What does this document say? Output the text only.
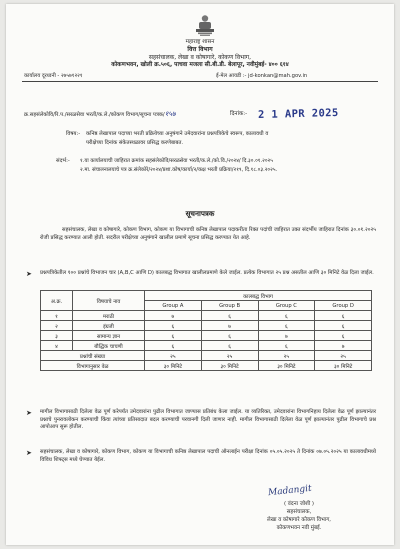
महाराष्ट्र शासन
वित्त विभाग
सहसंचालक, लेखा व कोषागारे, कोकण विभाग,
कोकणभवन, खोली क्र.५०६, पाचवा मजला सी.बी.डी. बेलापूर, नवीमुंबई- ४०० ६१४
कार्यालय दूरध्वनी - २७५७१२२१	ई-मेल आयडी :- jd-konkan@mah.gov.in
क्र.सहसंलेकोवि/रि.प./सरळसेवा भरती/क.ले./कोकण विभाग/सूचना पत्रक/१५७	दिनांक:- 2 1 APR 2025
विषय:- कनिष्ठ लेखापाल पदाच्या भरती प्रक्रियेच्या अनुषंगाने उमेदवारांना प्रश्नपत्रिकेचे स्वरूप, कालावधी व
परीक्षेच्या दिनांक संकेतस्थळावर प्रसिद्ध करणेबाबत.
संदर्भ:- १.या कार्यालयाची जाहिरात क्रमांक सहसंलेकोवि/सरळसेवा भरती/क.ले./को.वि./२०२४/ दि.३०.०१.२०२५
२.मा. संचालनालयाचे पत्र क्र.संलेकोरे/२०२४/प्रशा.कोष/कार्या/२/कक्ष भरती प्रक्रिया/२१९, दि.१८.०३.२०२५.
सूचनापत्रक
सहसंचालक, लेखा व कोषागारे, कोकण विभाग, कोकण या विभागाची कनिष्ठ लेखापाल पदाकरीता रिक्त पदांची जाहिरात उक्त संदर्भीय जाहिरात दिनांक ३०.०१.२०२५ रोजी प्रसिद्ध करण्यात आली होती. सदरील परीक्षेच्या अनुषंगाने खालील प्रमाणे सूचना प्रसिद्ध करण्यात येत आहे.
➤ प्रश्नपत्रिकेतील १०० प्रश्नांचे विभाजन चार (A,B,C आणि D) कालबद्ध विभागात खालीलप्रमाणे केले जाईल. प्रत्येक विभागात २५ प्रश्न असतील आणि ३० मिनिटे वेळ दिला जाईल.
अ.क्र.	विषयाचे नाव	कालबद्ध विभाग			
		Group A	Group B	Group C	Group D
१	मराठी	७	६	६	६
२	इंग्रजी	६	७	६	६
३	सामान्य ज्ञान	६	६	७	६
४	बौद्धिक चाचणी	६	६	६	७
प्रश्नांची संख्या		२५	२५	२५	२५
विभागानुसार वेळ		३० मिनिटे	३० मिनिटे	३० मिनिटे	३० मिनिटे
➤ मागील विभागासाठी दिलेला वेळ पूर्ण करेपर्यंत उमेदवारांना पुढील विभागात जाण्यास प्रतिबंध केला जाईल. या व्यतिरिक्त, उमेदवारांना विभागनिहाय दिलेला वेळ पूर्ण झाल्यानंतर प्रश्नाचे पुनरावलोकन करण्याची किंवा त्यांच्या प्रतिसादात बदल करण्याची परवानगी दिली जाणार नाही. मागील विभागासाठी दिलेला वेळ पूर्ण झाल्यानंतर पुढील विभागाचे प्रश्न आपोआप सुरू होतील.
➤ सहसंचालक, लेखा व कोषागारे, कोकण विभाग, कोकण या विभागाची कनिष्ठ लेखापाल पदाची ऑनलाईन परीक्षा दिनांक ०५.०५.२०२५ ते दिनांक ०७.०५.२०२५ या कालावधीमध्ये विविध शिफ्ट्स मध्ये घेण्यात येईल.
Madangit
( वंदना जोशी )
सहसंचालक,
लेखा व कोषागारे कोकण विभाग,
कोकणभवन नवी मुंबई.
